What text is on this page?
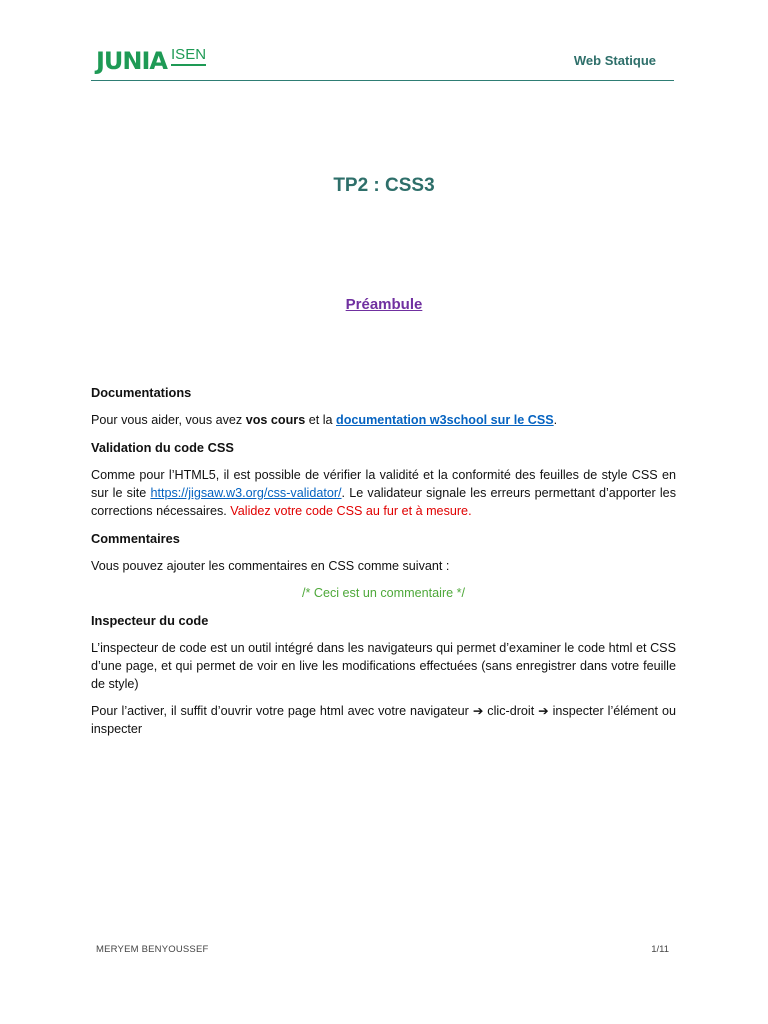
JUNIA ISEN	Web Statique
TP2 : CSS3
Préambule
Documentations

Pour vous aider, vous avez vos cours et la documentation w3school sur le CSS.

Validation du code CSS

Comme pour l’HTML5, il est possible de vérifier la validité et la conformité des feuilles de style CSS en sur le site https://jigsaw.w3.org/css-validator/. Le validateur signale les erreurs permettant d’apporter les corrections nécessaires. Validez votre code CSS au fur et à mesure.

Commentaires

Vous pouvez ajouter les commentaires en CSS comme suivant :

/* Ceci est un commentaire */

Inspecteur du code

L’inspecteur de code est un outil intégré dans les navigateurs qui permet d’examiner le code html et CSS d’une page, et qui permet de voir en live les modifications effectuées (sans enregistrer dans votre feuille de style)

Pour l’activer, il suffit d’ouvrir votre page html avec votre navigateur ➔ clic-droit ➔ inspecter l’élément ou inspecter

MERYEM BENYOUSSEF	1/11
